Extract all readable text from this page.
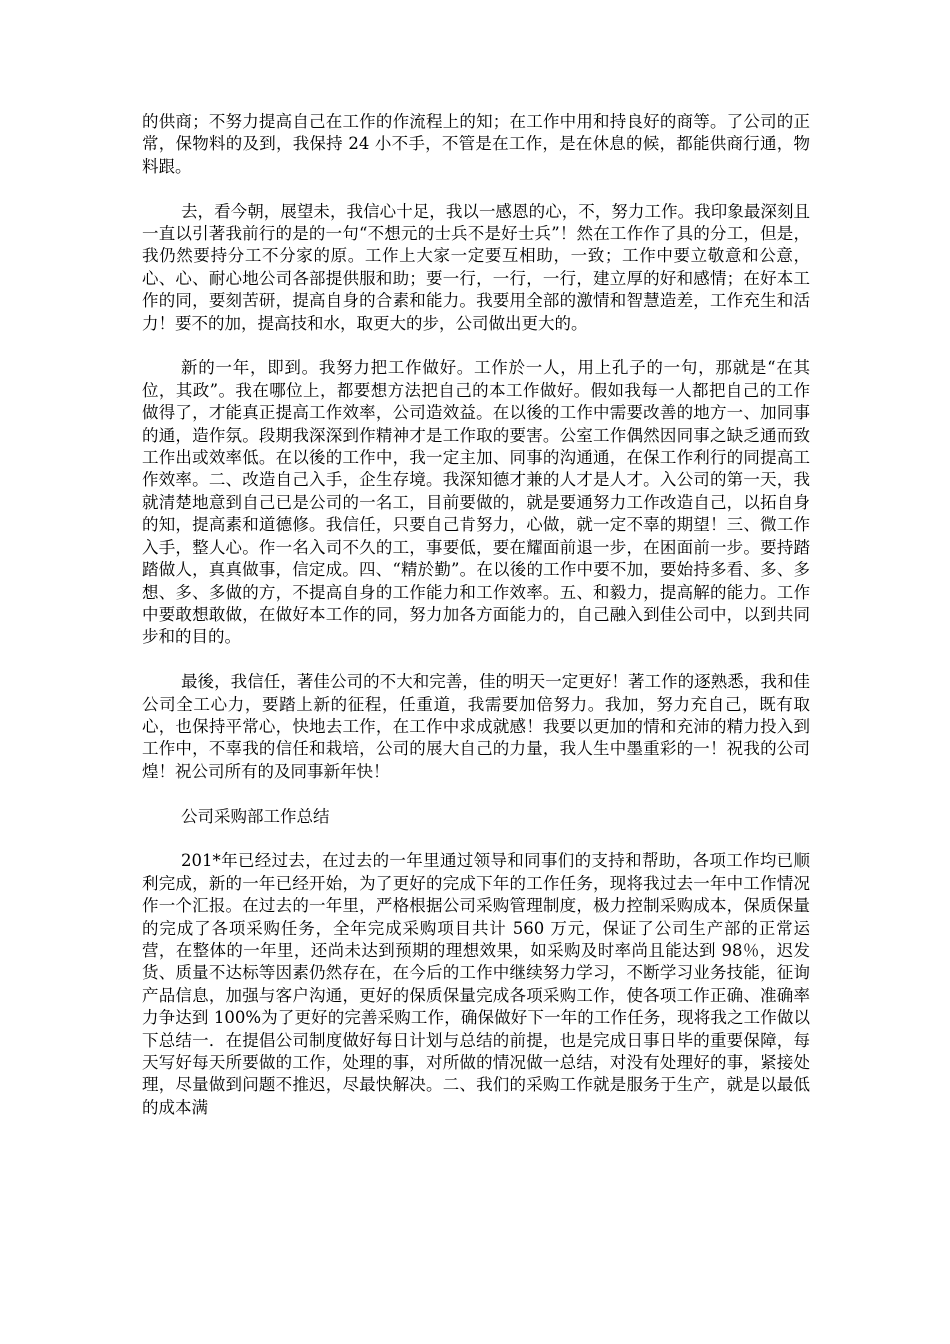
的供商；不努力提高自己在工作的作流程上的知；在工作中用和持良好的商等。了公司的正常，保物料的及到，我保持 24 小不手，不管是在工作，是在休息的候，都能供商行通，物料跟。

去，看今朝，展望未，我信心十足，我以一感恩的心，不，努力工作。我印象最深刻且一直以引著我前行的是的一句“不想元的士兵不是好士兵”！然在工作作了具的分工，但是，我仍然要持分工不分家的原。工作上大家一定要互相助，一致；工作中要立敬意和公意，心、心、耐心地公司各部提供服和助；要一行，一行，一行，建立厚的好和感情；在好本工作的同，要刻苦研，提高自身的合素和能力。我要用全部的激情和智慧造差，工作充生和活力！要不的加，提高技和水，取更大的步，公司做出更大的。

新的一年，即到。我努力把工作做好。工作於一人，用上孔子的一句，那就是“在其位，其政”。我在哪位上，都要想方法把自己的本工作做好。假如我每一人都把自己的工作做得了，才能真正提高工作效率，公司造效益。在以後的工作中需要改善的地方一、加同事的通，造作氛。段期我深深到作精神才是工作取的要害。公室工作偶然因同事之缺乏通而致工作出或效率低。在以後的工作中，我一定主加、同事的沟通通，在保工作利行的同提高工作效率。二、改造自己入手，企生存境。我深知德才兼的人才是人才。入公司的第一天，我就清楚地意到自己已是公司的一名工，目前要做的，就是要通努力工作改造自己，以拓自身的知，提高素和道德修。我信任，只要自己肯努力，心做，就一定不辜的期望！三、微工作入手，整人心。作一名入司不久的工，事要低，要在耀面前退一步，在困面前一步。要持踏踏做人，真真做事，信定成。四、“精於勤”。在以後的工作中要不加，要始持多看、多、多想、多、多做的方，不提高自身的工作能力和工作效率。五、和毅力，提高解的能力。工作中要敢想敢做，在做好本工作的同，努力加各方面能力的，自己融入到佳公司中，以到共同步和的目的。

最後，我信任，著佳公司的不大和完善，佳的明天一定更好！著工作的逐熟悉，我和佳公司全工心力，要踏上新的征程，任重道，我需要加倍努力。我加，努力充自己，既有取心，也保持平常心，快地去工作，在工作中求成就感！我要以更加的情和充沛的精力投入到工作中，不辜我的信任和栽培，公司的展大自己的力量，我人生中墨重彩的一！祝我的公司煌！祝公司所有的及同事新年快！

公司采购部工作总结

201*年已经过去，在过去的一年里通过领导和同事们的支持和帮助，各项工作均已顺利完成，新的一年已经开始，为了更好的完成下年的工作任务，现将我过去一年中工作情况作一个汇报。在过去的一年里，严格根据公司采购管理制度，极力控制采购成本，保质保量的完成了各项采购任务，全年完成采购项目共计 560 万元，保证了公司生产部的正常运营，在整体的一年里，还尚未达到预期的理想效果，如采购及时率尚且能达到 98％，迟发货、质量不达标等因素仍然存在，在今后的工作中继续努力学习，不断学习业务技能，征询产品信息，加强与客户沟通，更好的保质保量完成各项采购工作，使各项工作正确、准确率力争达到 100%为了更好的完善采购工作，确保做好下一年的工作任务，现将我之工作做以下总结一．在提倡公司制度做好每日计划与总结的前提，也是完成日事日毕的重要保障，每天写好每天所要做的工作，处理的事，对所做的情况做一总结，对没有处理好的事，紧接处理，尽量做到问题不推迟，尽最快解决。二、我们的采购工作就是服务于生产，就是以最低的成本满
